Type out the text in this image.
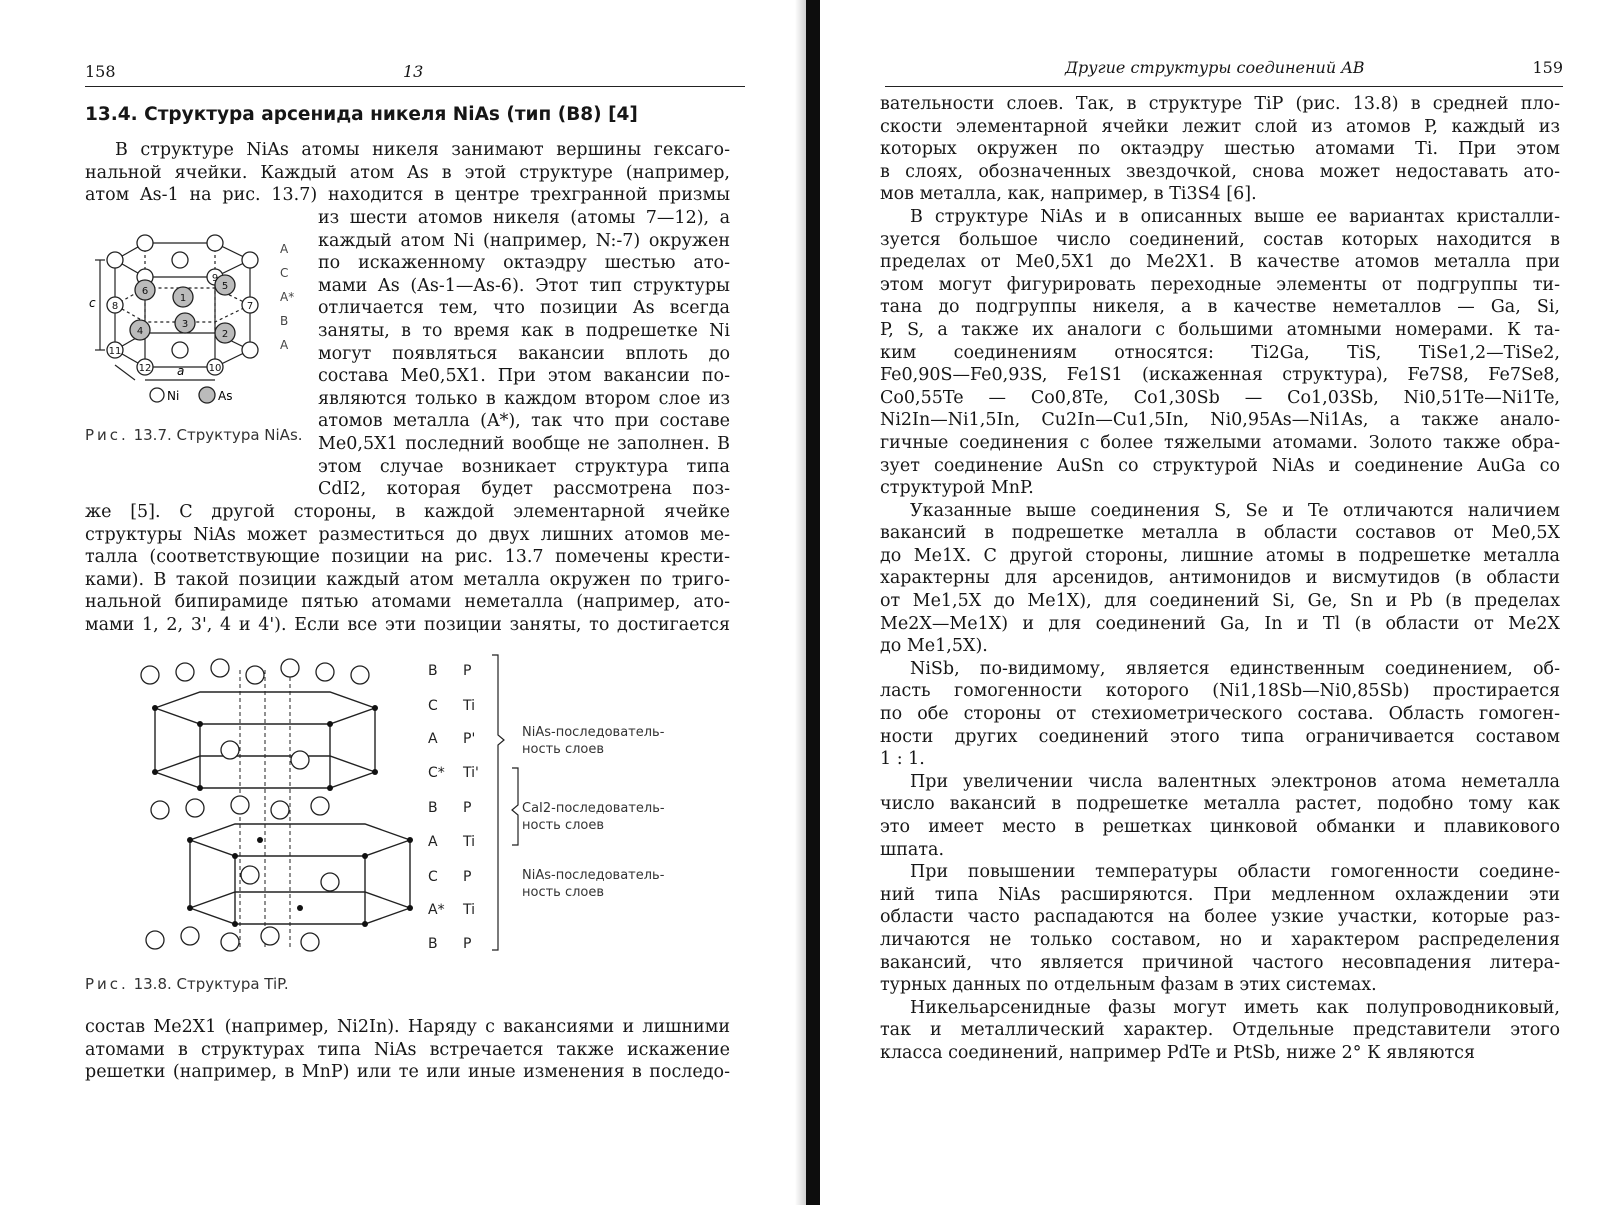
158	13
13.4. Структура арсенида никеля NiAs (тип (B8) [4]
В структуре NiAs атомы никеля занимают вершины гексаго-
нальной ячейки. Каждый атом As в этой структуре (например,
атом As-1 на рис. 13.7) находится в центре трехгранной призмы
из шести атомов никеля (атомы 7—12), а
каждый атом Ni (например, N:-7) окружен
по искаженному октаэдру шестью ато-
мами As (As-1—As-6). Этот тип структуры
отличается тем, что позиции As всегда
заняты, в то время как в подрешетке Ni
могут появляться вакансии вплоть до
состава Me0,5X1. При этом вакансии по-
являются только в каждом втором слое из
атомов металла (A*), так что при составе
Me0,5X1 последний вообще не заполнен. В
этом случае возникает структура типа
CdI2, которая будет рассмотрена поз-
же [5]. С другой стороны, в каждой элементарной ячейке
структуры NiAs может разместиться до двух лишних атомов ме-
талла (соответствующие позиции на рис. 13.7 помечены крести-
ками). В такой позиции каждый атом металла окружен по триго-
нальной бипирамиде пятью атомами неметалла (например, ато-
мами 1, 2, 3', 4 и 4'). Если все эти позиции заняты, то достигается
1
2
3
4
5
6
7
8
9
10
11
12
A
C
A*
B
A
c
a
Ni	As
Рис. 13.7. Структура NiAs.
B P
C Ti
A P'
C* Ti'
B P
A Ti
C P
A* Ti
B P
NiAs-последователь-
ность слоев
CaI2-последователь-
ность слоев
NiAs-последователь-
ность слоев
Рис. 13.8. Структура TiP.
состав Me2X1 (например, Ni2In). Наряду с вакансиями и лишними
атомами в структурах типа NiAs встречается также искажение
решетки (например, в MnP) или те или иные изменения в последо-
Другие структуры соединений AB	159
вательности слоев. Так, в структуре TiP (рис. 13.8) в средней пло-
скости элементарной ячейки лежит слой из атомов P, каждый из
которых окружен по октаэдру шестью атомами Ti. При этом
в слоях, обозначенных звездочкой, снова может недоставать ато-
мов металла, как, например, в Ti3S4 [6].
В структуре NiAs и в описанных выше ее вариантах кристалли-
зуется большое число соединений, состав которых находится в
пределах от Me0,5X1 до Me2X1. В качестве атомов металла при
этом могут фигурировать переходные элементы от подгруппы ти-
тана до подгруппы никеля, а в качестве неметаллов — Ga, Si,
P, S, а также их аналоги с большими атомными номерами. К та-
ким соединениям относятся: Ti2Ga, TiS, TiSe1,2—TiSe2,
Fe0,90S—Fe0,93S, Fe1S1 (искаженная структура), Fe7S8, Fe7Se8,
Co0,55Te — Co0,8Te, Co1,30Sb — Co1,03Sb, Ni0,51Te—Ni1Te,
Ni2In—Ni1,5In, Cu2In—Cu1,5In, Ni0,95As—Ni1As, а также анало-
гичные соединения с более тяжелыми атомами. Золото также обра-
зует соединение AuSn со структурой NiAs и соединение AuGa со
структурой MnP.
Указанные выше соединения S, Se и Te отличаются наличием
вакансий в подрешетке металла в области составов от Me0,5X
до Me1X. С другой стороны, лишние атомы в подрешетке металла
характерны для арсенидов, антимонидов и висмутидов (в области
от Me1,5X до Me1X), для соединений Si, Ge, Sn и Pb (в пределах
Me2X—Me1X) и для соединений Ga, In и Tl (в области от Me2X
до Me1,5X).
NiSb, по-видимому, является единственным соединением, об-
ласть гомогенности которого (Ni1,18Sb—Ni0,85Sb) простирается
по обе стороны от стехиометрического состава. Область гомоген-
ности других соединений этого типа ограничивается составом
1 : 1.
При увеличении числа валентных электронов атома неметалла
число вакансий в подрешетке металла растет, подобно тому как
это имеет место в решетках цинковой обманки и плавикового
шпата.
При повышении температуры области гомогенности соедине-
ний типа NiAs расширяются. При медленном охлаждении эти
области часто распадаются на более узкие участки, которые раз-
личаются не только составом, но и характером распределения
вакансий, что является причиной частого несовпадения литера-
турных данных по отдельным фазам в этих системах.
Никельарсенидные фазы могут иметь как полупроводниковый,
так и металлический характер. Отдельные представители этого
класса соединений, например PdTe и PtSb, ниже 2° К являются
